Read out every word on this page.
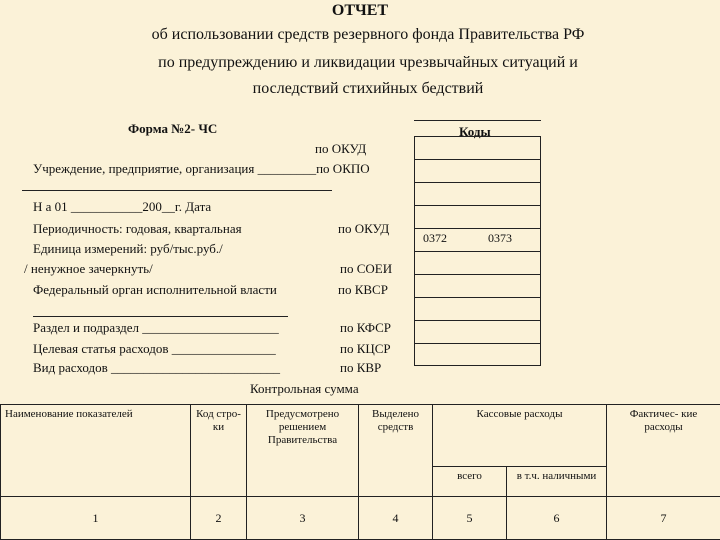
ОТЧЕТ
об использовании средств резервного фонда Правительства РФ
по предупреждению и ликвидации чрезвычайных ситуаций и
последствий стихийных бедствий
Форма №2- ЧС	Коды
по ОКУД
Учреждение, предприятие, организация _________по ОКПО
Н а 01 ___________200__г. Дата
Периодичность: годовая, квартальная	по ОКУД
Единица измерений: руб/тыс.руб./
/ ненужное зачеркнуть/	по СОЕИ
Федеральный орган исполнительной власти	по КВСР
Раздел и подраздел _____________________	по КФСР
Целевая статья расходов ________________	по КЦСР
Вид расходов __________________________	по КВР
Контрольная сумма
0372	0373
Наименование показателей	Код стро- ки	Предусмотрено решением Правительства	Выделено средств	Кассовые расходы		Фактичес- кие расходы
				всего	в т.ч. наличными	
1	2	3	4	5	6	7
